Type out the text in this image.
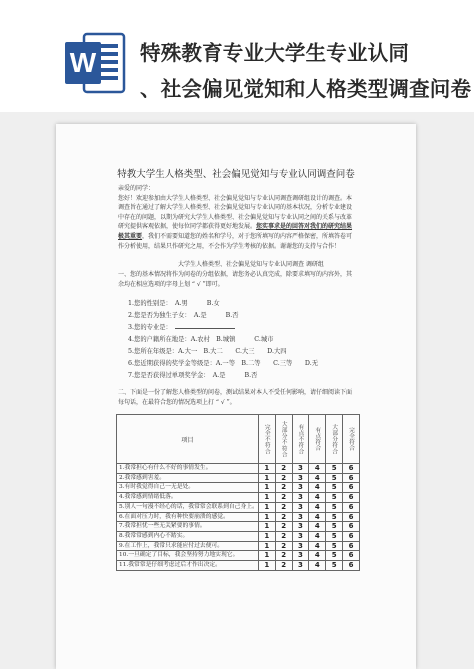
W 特殊教育专业大学生专业认同
、社会偏见觉知和人格类型调查问卷
特教大学生人格类型、社会偏见觉知与专业认同调查问卷
亲爱的同学：
您好！欢迎参加由大学生人格类型、社会偏见觉知与专业认同调查调研组设计的调查。本调查旨在通过了解大学生人格类型、社会偏见觉知与专业认同的基本状况，分析专业建设中存在的问题，以期为研究大学生人格类型、社会偏见觉知与专业认同之间的关系与改革研究提供客观依据，使每位同学都获得更好地发展。您实事求是的回答对我们的研究结果极其重要，我们不需要知道您的姓名和学号，对于您所填写的内容严格保密，所填答卷可作分析使用，结果只作研究之用，不会作为学生考核的依据。谢谢您的支持与合作！
大学生人格类型、社会偏见觉知与专业认同调查 调研组
一、您的基本情况将作为问卷的分组依据，请您务必认真完成，除要求填写的内容外，其余均在相应选项的字母上划 “ √ ”即可。
1.您的性别是：　 A.男　　　B.女
2.您是否为独生子女：　 A.是　　　B.否
3.您的专业是：　
4.您的户籍所在地是：A.农村　 B.城镇　　　C.城市
5.您所在年级是：A.大一　 B.大二　　C.大三　　D.大四
6.您近期获得的奖学金等级是：A.一等　 B.二等　　C.三等　　D.无
7.您是否获得过单项奖学金：　 A.是　　　B.否
二、下面是一份了解您人格类型的问卷，测试结果对本人不受任何影响，请仔细阅读下面每句话，在最符合您的情况选项上打 “ √ ”。
项目	完全不符合	大部分不符合	有点不符合	有点符合	大部分符合	完全符合
1.我常担心有什么不好的事情发生。	1	2	3	4	5	6
2.我常感到害羞。	1	2	3	4	5	6
3.有时我觉得自己一无是处。	1	2	3	4	5	6
4.我常感到情绪低落。	1	2	3	4	5	6
5.别人一句漫不经心的话，我常常会联系到自己身上。	1	2	3	4	5	6
6.在面对压力时，我有种快要崩溃的感觉。	1	2	3	4	5	6
7.我常担忧一些无关紧要的事情。	1	2	3	4	5	6
8.我常常感到内心不踏实。	1	2	3	4	5	6
9.在工作上，我常只求能应付过去便可。	1	2	3	4	5	6
10.一旦确定了目标，我会坚持努力地实现它。	1	2	3	4	5	6
11.我常常是仔细考虑过后才作出决定。	1	2	3	4	5	6
